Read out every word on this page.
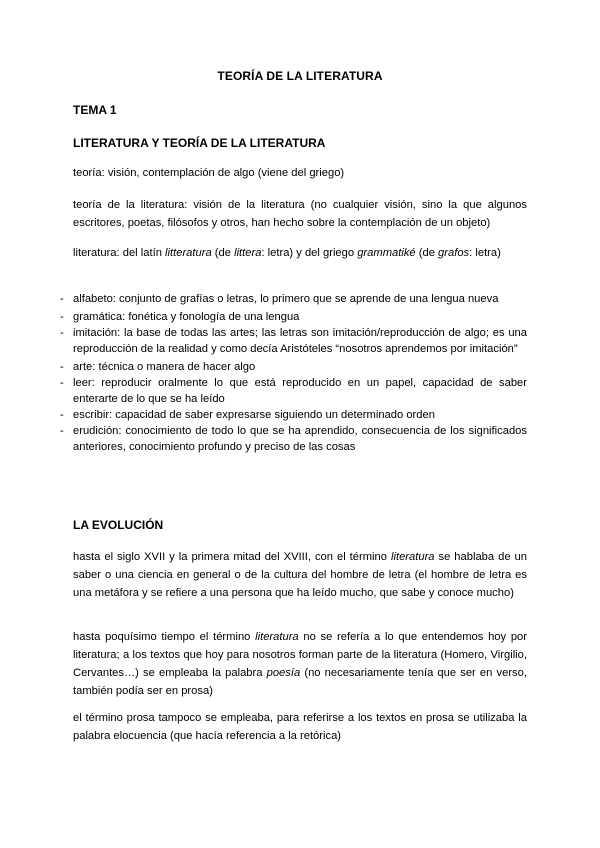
TEORÍA DE LA LITERATURA
TEMA 1
LITERATURA Y TEORÍA DE LA LITERATURA
teoría: visión, contemplación de algo (viene del griego)
teoría de la literatura: visión de la literatura (no cualquier visión, sino la que algunos escritores, poetas, filósofos y otros, han hecho sobre la contemplación de un objeto)
literatura: del latín litteratura (de littera: letra) y del griego grammatiké (de grafos: letra)
- alfabeto: conjunto de grafías o letras, lo primero que se aprende de una lengua nueva
- gramática: fonética y fonología de una lengua
- imitación: la base de todas las artes; las letras son imitación/reproducción de algo; es una reproducción de la realidad y como decía Aristóteles “nosotros aprendemos por imitación”
- arte: técnica o manera de hacer algo
- leer: reproducir oralmente lo que está reproducido en un papel, capacidad de saber enterarte de lo que se ha leído
- escribir: capacidad de saber expresarse siguiendo un determinado orden
- erudición: conocimiento de todo lo que se ha aprendido, consecuencia de los significados anteriores, conocimiento profundo y preciso de las cosas
LA EVOLUCIÓN
hasta el siglo XVII y la primera mitad del XVIII, con el término literatura se hablaba de un saber o una ciencia en general o de la cultura del hombre de letra (el hombre de letra es una metáfora y se refiere a una persona que ha leído mucho, que sabe y conoce mucho)
hasta poquísimo tiempo el término literatura no se refería a lo que entendemos hoy por literatura; a los textos que hoy para nosotros forman parte de la literatura (Homero, Virgilio, Cervantes…) se empleaba la palabra poesía (no necesariamente tenía que ser en verso, también podía ser en prosa)
el término prosa tampoco se empleaba, para referirse a los textos en prosa se utilizaba la palabra elocuencia (que hacía referencia a la retórica)
